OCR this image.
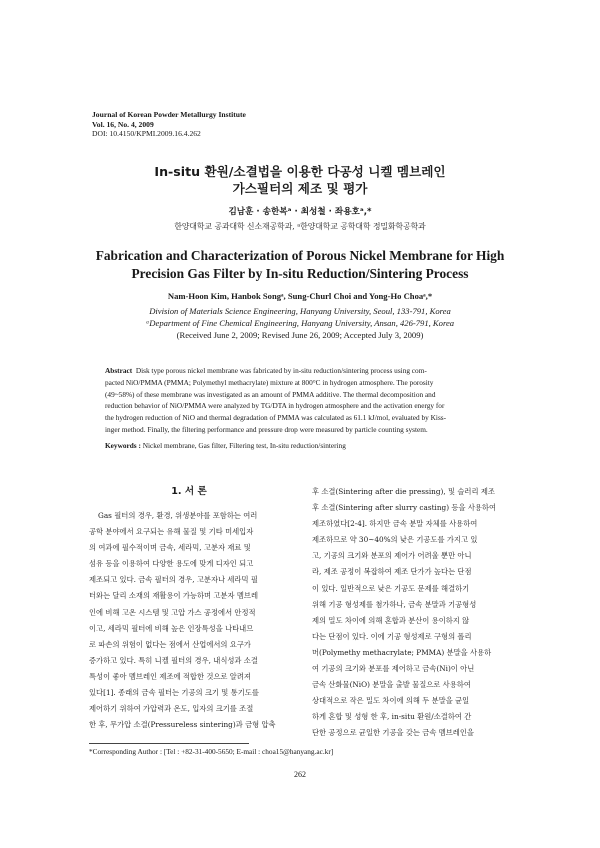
Journal of Korean Powder Metallurgy Institute
Vol. 16, No. 4, 2009
DOI: 10.4150/KPMI.2009.16.4.262
In-situ 환원/소결법을 이용한 다공성 니켈 멤브레인
가스필터의 제조 및 평가
김남훈 · 송한복ᵃ · 최성철 · 좌용호ᵃ,*
한양대학교 공과대학 신소재공학과, ᵃ한양대학교 공학대학 정밀화학공학과
Fabrication and Characterization of Porous Nickel Membrane for High
Precision Gas Filter by In-situ Reduction/Sintering Process
Nam-Hoon Kim, Hanbok Songᵃ, Sung-Churl Choi and Yong-Ho Choaᵃ,*
Division of Materials Science Engineering, Hanyang University, Seoul, 133-791, Korea
ᵃDepartment of Fine Chemical Engineering, Hanyang University, Ansan, 426-791, Korea
(Received June 2, 2009; Revised June 26, 2009; Accepted July 3, 2009)
Abstract Disk type porous nickel membrane was fabricated by in-situ reduction/sintering process using com-
pacted NiO/PMMA (PMMA; Polymethyl methacrylate) mixture at 800°C in hydrogen atmosphere. The porosity
(49~58%) of these membrane was investigated as an amount of PMMA additive. The thermal decomposition and
reduction behavior of NiO/PMMA were analyzed by TG/DTA in hydrogen atmosphere and the activation energy for
the hydrogen reduction of NiO and thermal degradation of PMMA was calculated as 61.1 kJ/mol, evaluated by Kiss-
inger method. Finally, the filtering performance and pressure drop were measured by particle counting system.
Keywords : Nickel membrane, Gas filter, Filtering test, In-situ reduction/sintering
1. 서 론
Gas 필터의 경우, 환경, 위생분야를 포함하는 여러
공학 분야에서 요구되는 유해 물질 및 기타 미세입자
의 여과에 필수적이며 금속, 세라믹, 고분자 재료 및
섬유 등을 이용하여 다양한 용도에 맞게 디자인 되고
제조되고 있다. 금속 필터의 경우, 고분자나 세라믹 필
터와는 달리 소재의 재활용이 가능하며 고분자 멤브레
인에 비해 고온 시스템 및 고압 가스 공정에서 안정적
이고, 세라믹 필터에 비해 높은 인장특성을 나타내므
로 파손의 위험이 없다는 점에서 산업에서의 요구가
증가하고 있다. 특히 니켈 필터의 경우, 내식성과 소결
특성이 좋아 멤브레인 제조에 적합한 것으로 알려져
있다[1]. 종래의 금속 필터는 기공의 크기 및 통기도를
제어하기 위하여 가압력과 온도, 입자의 크기를 조절
한 후, 무가압 소결(Pressureless sintering)과 금형 압축
후 소결(Sintering after die pressing), 및 슬러리 제조
후 소결(Sintering after slurry casting) 등을 사용하여
제조하였다[2-4]. 하지만 금속 분말 자체를 사용하여
제조하므로 약 30~40%의 낮은 기공도를 가지고 있
고, 기공의 크기와 분포의 제어가 어려울 뿐만 아니
라, 제조 공정이 복잡하여 제조 단가가 높다는 단점
이 있다. 일반적으로 낮은 기공도 문제를 해결하기
위해 기공 형성제를 첨가하나, 금속 분말과 기공형성
제의 밀도 차이에 의해 혼합과 분산이 용이하지 않
다는 단점이 있다. 이에 기공 형성제로 구형의 폴리
머(Polymethy methacrylate; PMMA) 분말을 사용하
여 기공의 크기와 분포를 제어하고 금속(Ni)이 아닌
금속 산화물(NiO) 분말을 출발 물질으로 사용하여
상대적으로 작은 밀도 차이에 의해 두 분말을 균일
하게 혼합 및 성형 한 후, in-situ 환원/소결하여 간
단한 공정으로 균일한 기공을 갖는 금속 멤브레인을
*Corresponding Author : [Tel : +82-31-400-5650; E-mail : choa15@hanyang.ac.kr]
262
